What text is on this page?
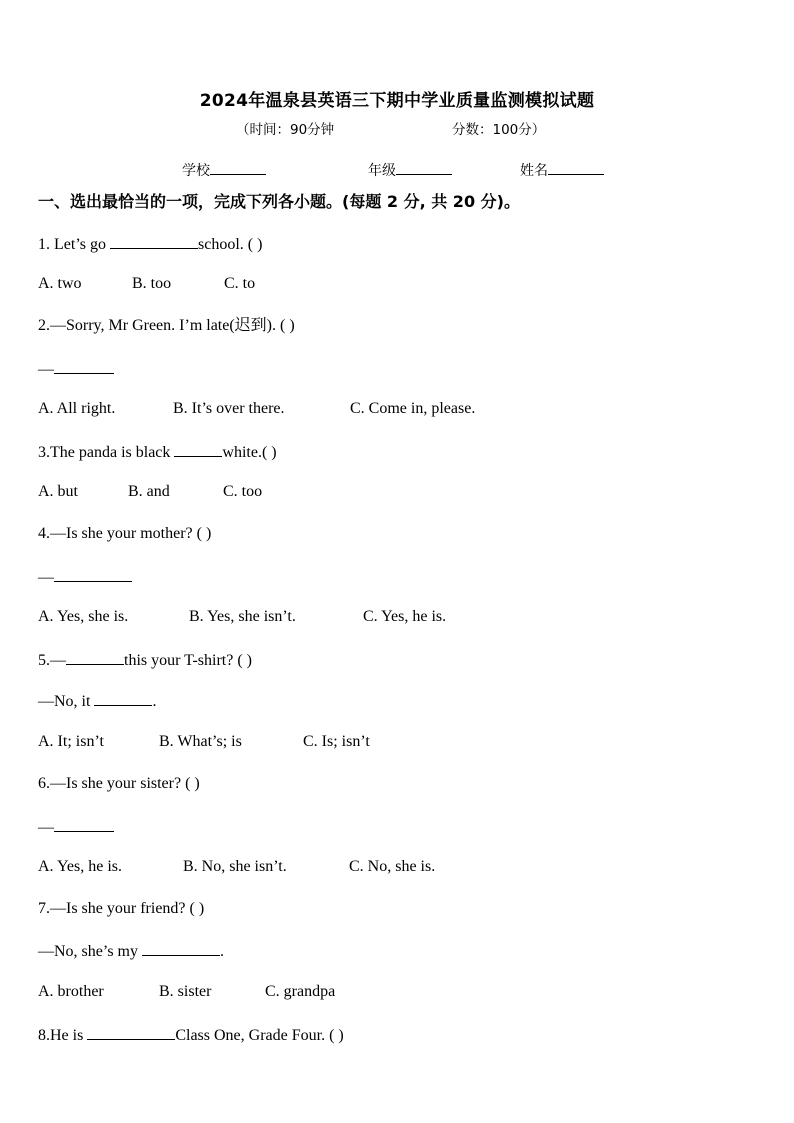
2024年温泉县英语三下期中学业质量监测模拟试题
（时间：90分钟	分数：100分）
学校	年级	姓名
一、选出最恰当的一项，完成下列各小题。(每题 2 分, 共 20 分)。
1. Let’s go	school. ( )
A. two	B. too	C. to
2.—Sorry, Mr Green. I’m late(迟到). ( )
—
A. All right.	B. It’s over there.	C. Come in, please.
3.The panda is black	white.( )
A. but	B. and	C. too
4.—Is she your mother? ( )
—
A. Yes, she is.	B. Yes, she isn’t.	C. Yes, he is.
5.—	this your T-shirt? ( )
—No, it	.
A. It; isn’t	B. What’s; is	C. Is; isn’t
6.—Is she your sister? ( )
—
A. Yes, he is.	B. No, she isn’t.	C. No, she is.
7.—Is she your friend? ( )
—No, she’s my	.
A. brother	B. sister	C. grandpa
8.He is	Class One, Grade Four. ( )
